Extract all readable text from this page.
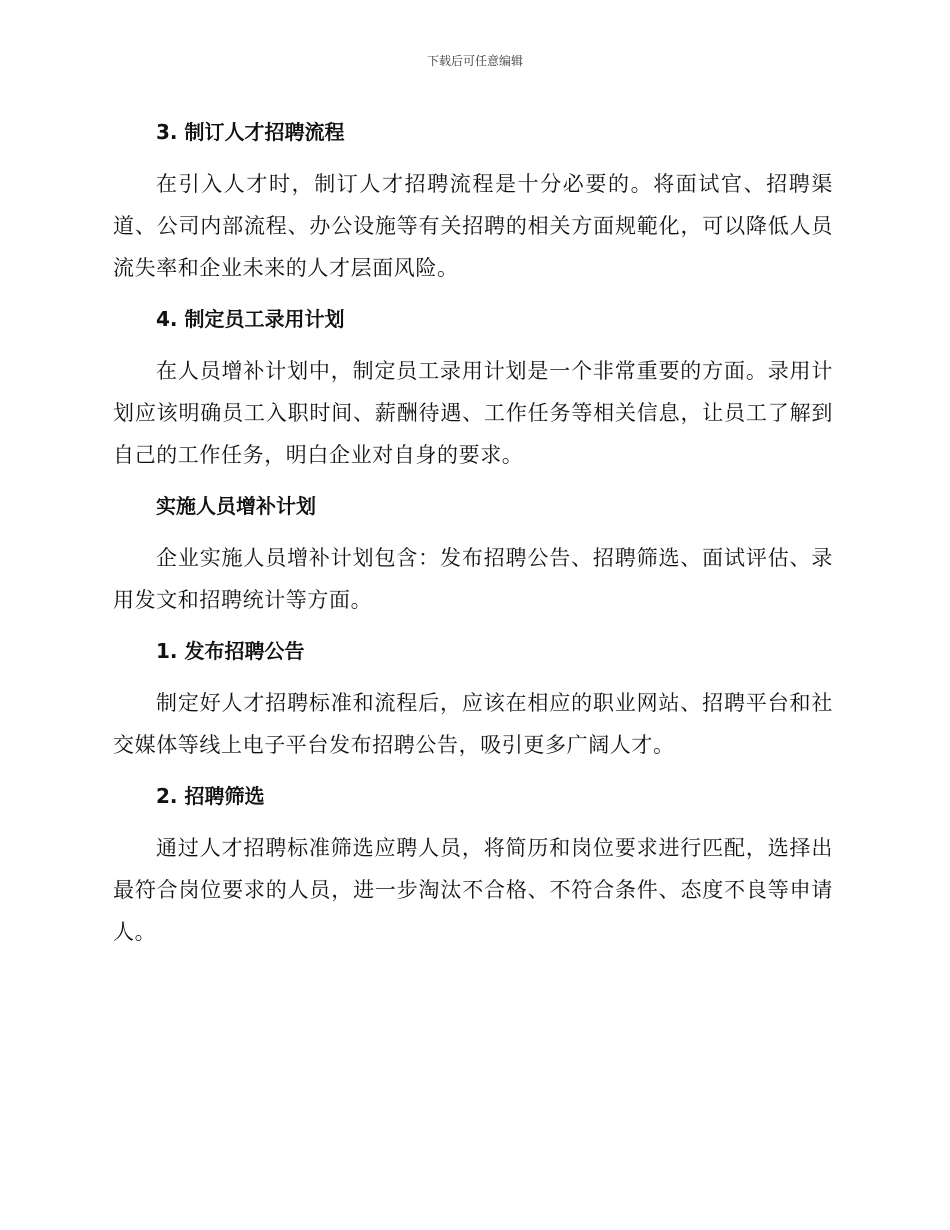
下载后可任意编辑
3. 制订人才招聘流程

在引入人才时，制订人才招聘流程是十分必要的。将面试官、招聘渠道、公司内部流程、办公设施等有关招聘的相关方面规範化，可以降低人员流失率和企业未来的人才层面风险。

4. 制定员工录用计划

在人员增补计划中，制定员工录用计划是一个非常重要的方面。录用计划应该明确员工入职时间、薪酬待遇、工作任务等相关信息，让员工了解到自己的工作任务，明白企业对自身的要求。

实施人员增补计划

企业实施人员增补计划包含：发布招聘公告、招聘筛选、面试评估、录用发文和招聘统计等方面。

1. 发布招聘公告

制定好人才招聘标准和流程后，应该在相应的职业网站、招聘平台和社交媒体等线上电子平台发布招聘公告，吸引更多广阔人才。

2. 招聘筛选

通过人才招聘标准筛选应聘人员，将简历和岗位要求进行匹配，选择出最符合岗位要求的人员，进一步淘汰不合格、不符合条件、态度不良等申请人。
